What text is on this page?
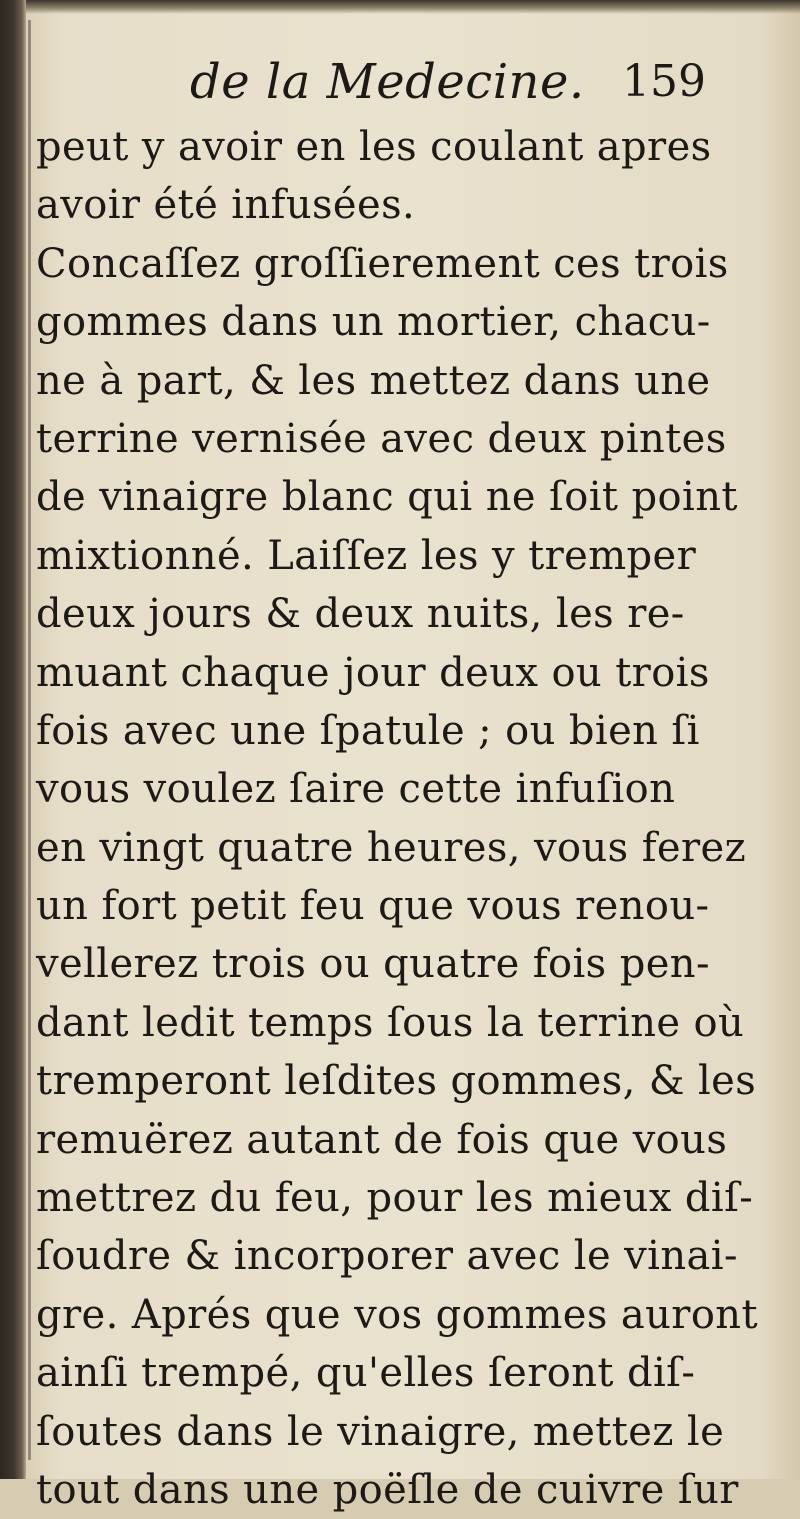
de la Medecine. 159
peut y avoir en les coulant apres
avoir été infusées.
Concaſſez groſſierement ces trois
gommes dans un mortier, chacu-
ne à part, & les mettez dans une
terrine vernisée avec deux pintes
de vinaigre blanc qui ne ſoit point
mixtionné. Laiſſez les y tremper
deux jours & deux nuits, les re-
muant chaque jour deux ou trois
fois avec une ſpatule ; ou bien ſi
vous voulez ſaire cette infuſion
en vingt quatre heures, vous ferez
un fort petit feu que vous renou-
vellerez trois ou quatre fois pen-
dant ledit temps ſous la terrine où
tremperont leſdites gommes, & les
remuërez autant de fois que vous
mettrez du feu, pour les mieux diſ-
ſoudre & incorporer avec le vinai-
gre. Aprés que vos gommes auront
ainſi trempé, qu'elles ſeront diſ-
ſoutes dans le vinaigre, mettez le
tout dans une poëſle de cuivre ſur
